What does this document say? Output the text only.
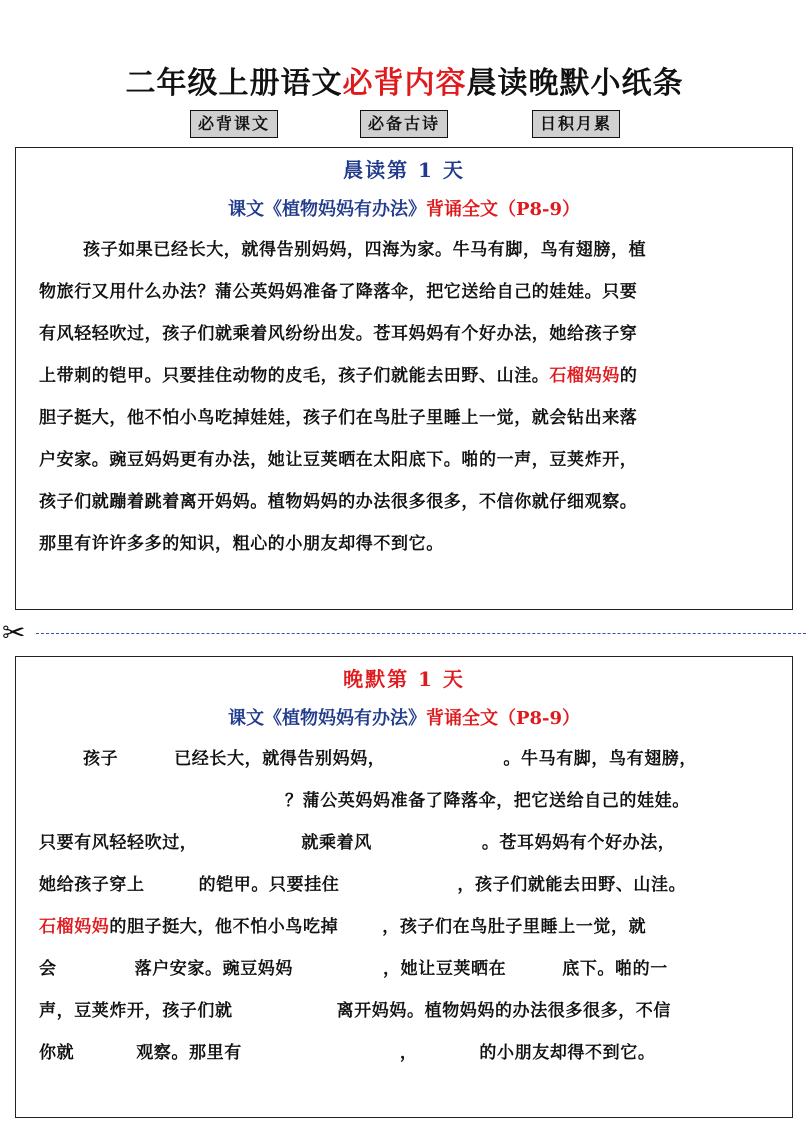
二年级上册语文必背内容晨读晚默小纸条
必背课文	必备古诗	日积月累
晨读第 1 天
课文《植物妈妈有办法》背诵全文（P8-9）
孩子如果已经长大，就得告别妈妈，四海为家。牛马有脚，鸟有翅膀，植
物旅行又用什么办法？蒲公英妈妈准备了降落伞，把它送给自己的娃娃。只要
有风轻轻吹过，孩子们就乘着风纷纷出发。苍耳妈妈有个好办法，她给孩子穿
上带刺的铠甲。只要挂住动物的皮毛，孩子们就能去田野、山洼。石榴妈妈的
胆子挺大，他不怕小鸟吃掉娃娃，孩子们在鸟肚子里睡上一觉，就会钻出来落
户安家。豌豆妈妈更有办法，她让豆荚晒在太阳底下。啪的一声，豆荚炸开，
孩子们就蹦着跳着离开妈妈。植物妈妈的办法很多很多，不信你就仔细观察。
那里有许许多多的知识，粗心的小朋友却得不到它。
✂
晚默第 1 天
课文《植物妈妈有办法》背诵全文（P8-9）
孩子	已经长大，就得告别妈妈，	。牛马有脚，鸟有翅膀，
？蒲公英妈妈准备了降落伞，把它送给自己的娃娃。
只要有风轻轻吹过，	就乘着风	。苍耳妈妈有个好办法，
她给孩子穿上	的铠甲。只要挂住	，孩子们就能去田野、山洼。
石榴妈妈的胆子挺大，他不怕小鸟吃掉	，孩子们在鸟肚子里睡上一觉，就
会	落户安家。豌豆妈妈	，她让豆荚晒在	底下。啪的一
声，豆荚炸开，孩子们就	离开妈妈。植物妈妈的办法很多很多，不信
你就	观察。那里有	，	的小朋友却得不到它。
